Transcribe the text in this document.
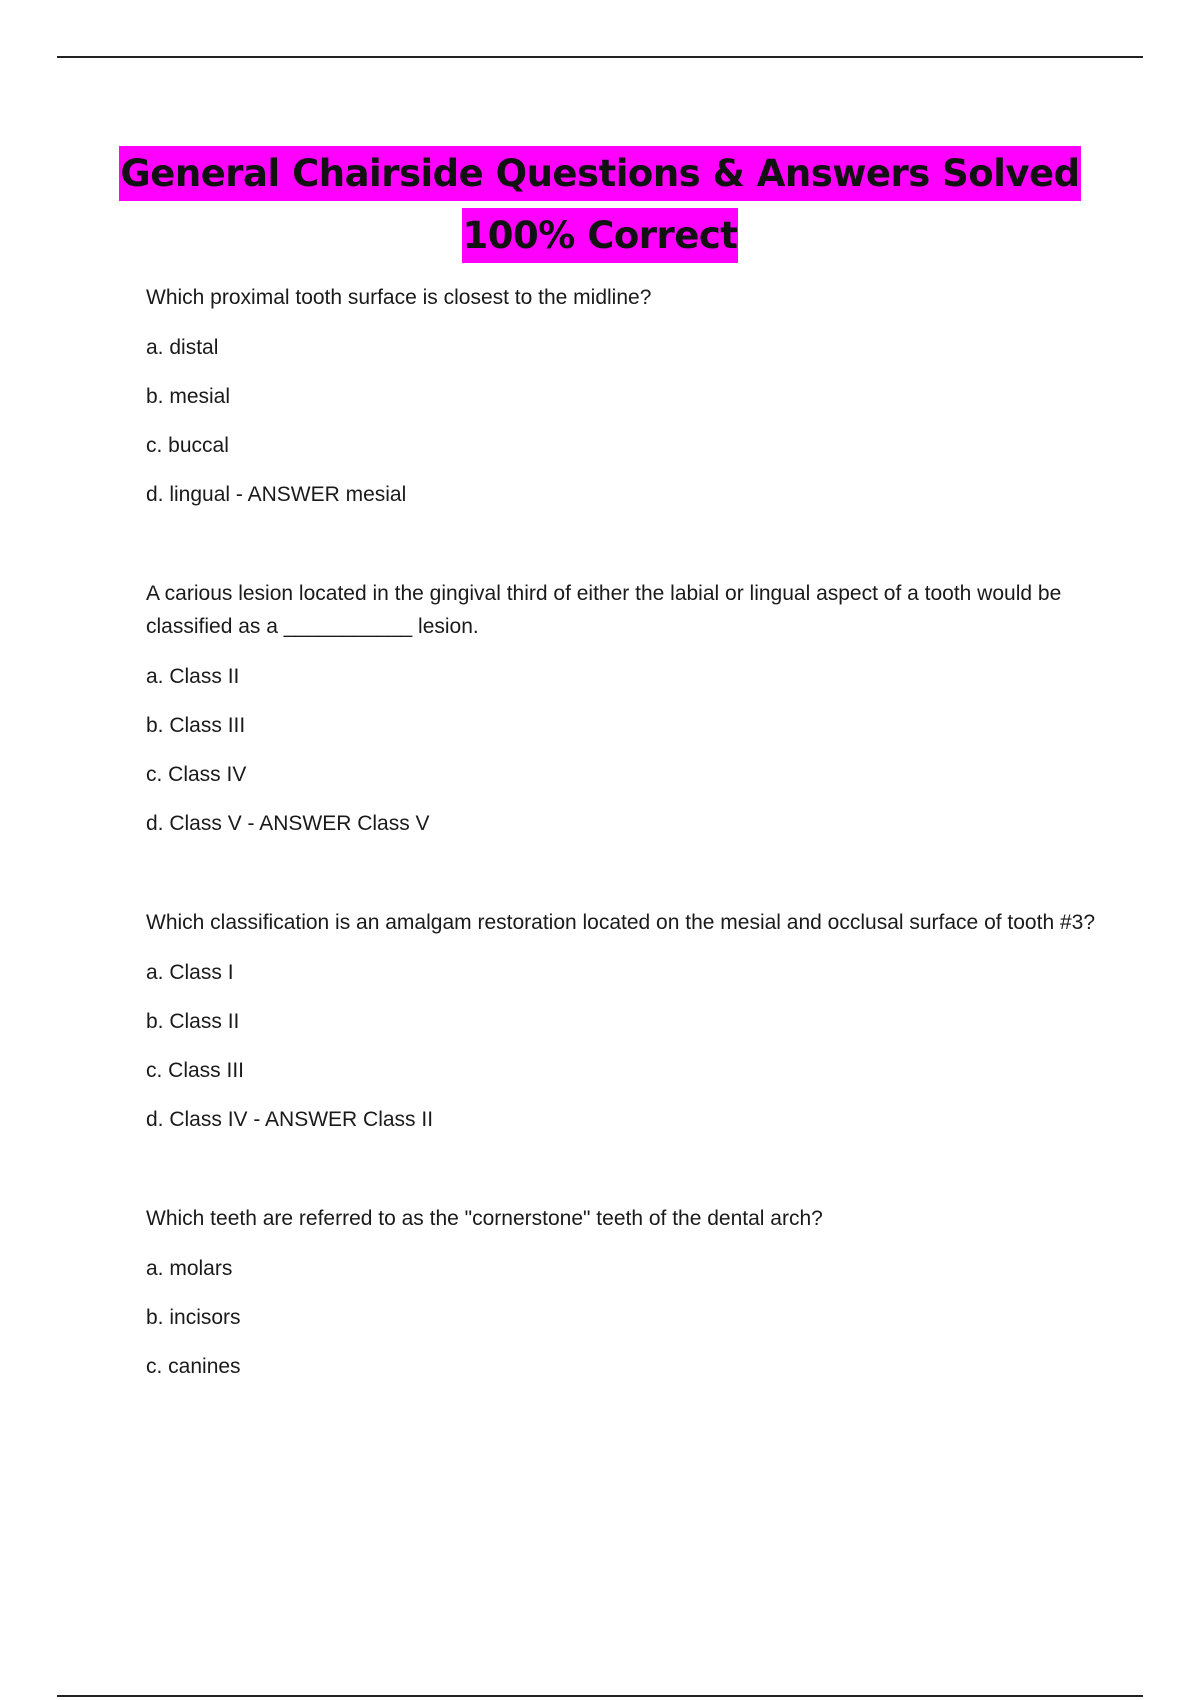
General Chairside Questions & Answers Solved
100% Correct

Which proximal tooth surface is closest to the midline?

a. distal

b. mesial

c. buccal

d. lingual - ANSWER mesial

A carious lesion located in the gingival third of either the labial or lingual aspect of a tooth would be classified as a ___________ lesion.

a. Class II

b. Class III

c. Class IV

d. Class V - ANSWER Class V

Which classification is an amalgam restoration located on the mesial and occlusal surface of tooth #3?

a. Class I

b. Class II

c. Class III

d. Class IV - ANSWER Class II

Which teeth are referred to as the "cornerstone" teeth of the dental arch?

a. molars

b. incisors

c. canines
